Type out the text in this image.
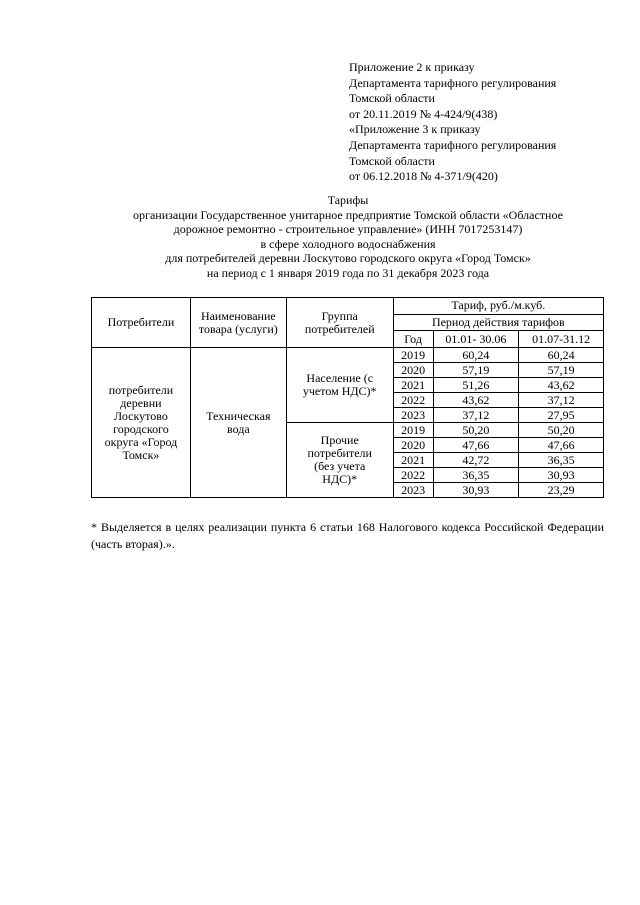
Приложение 2 к приказу
Департамента тарифного регулирования
Томской области
от 20.11.2019 № 4-424/9(438)
«Приложение 3 к приказу
Департамента тарифного регулирования
Томской области
от 06.12.2018 № 4-371/9(420)
Тарифы
организации Государственное унитарное предприятие Томской области «Областное
дорожное ремонтно - строительное управление» (ИНН 7017253147)
в сфере холодного водоснабжения
для потребителей деревни Лоскутово городского округа «Город Томск»
на период с 1 января 2019 года по 31 декабря 2023 года
Потребители	Наименование товара (услуги)	Группа потребителей	Тариф, руб./м.куб.		
			Период действия тарифов		
			Год	01.01- 30.06	01.07-31.12
потребители деревни Лоскутово городского округа «Город Томск»	Техническая вода	Население (с учетом НДС)*	2019	60,24	60,24
			2020	57,19	57,19
			2021	51,26	43,62
			2022	43,62	37,12
			2023	37,12	27,95
		Прочие потребители (без учета НДС)*	2019	50,20	50,20
			2020	47,66	47,66
			2021	42,72	36,35
			2022	36,35	30,93
			2023	30,93	23,29
* Выделяется в целях реализации пункта 6 статьи 168 Налогового кодекса Российской Федерации (часть вторая).».
